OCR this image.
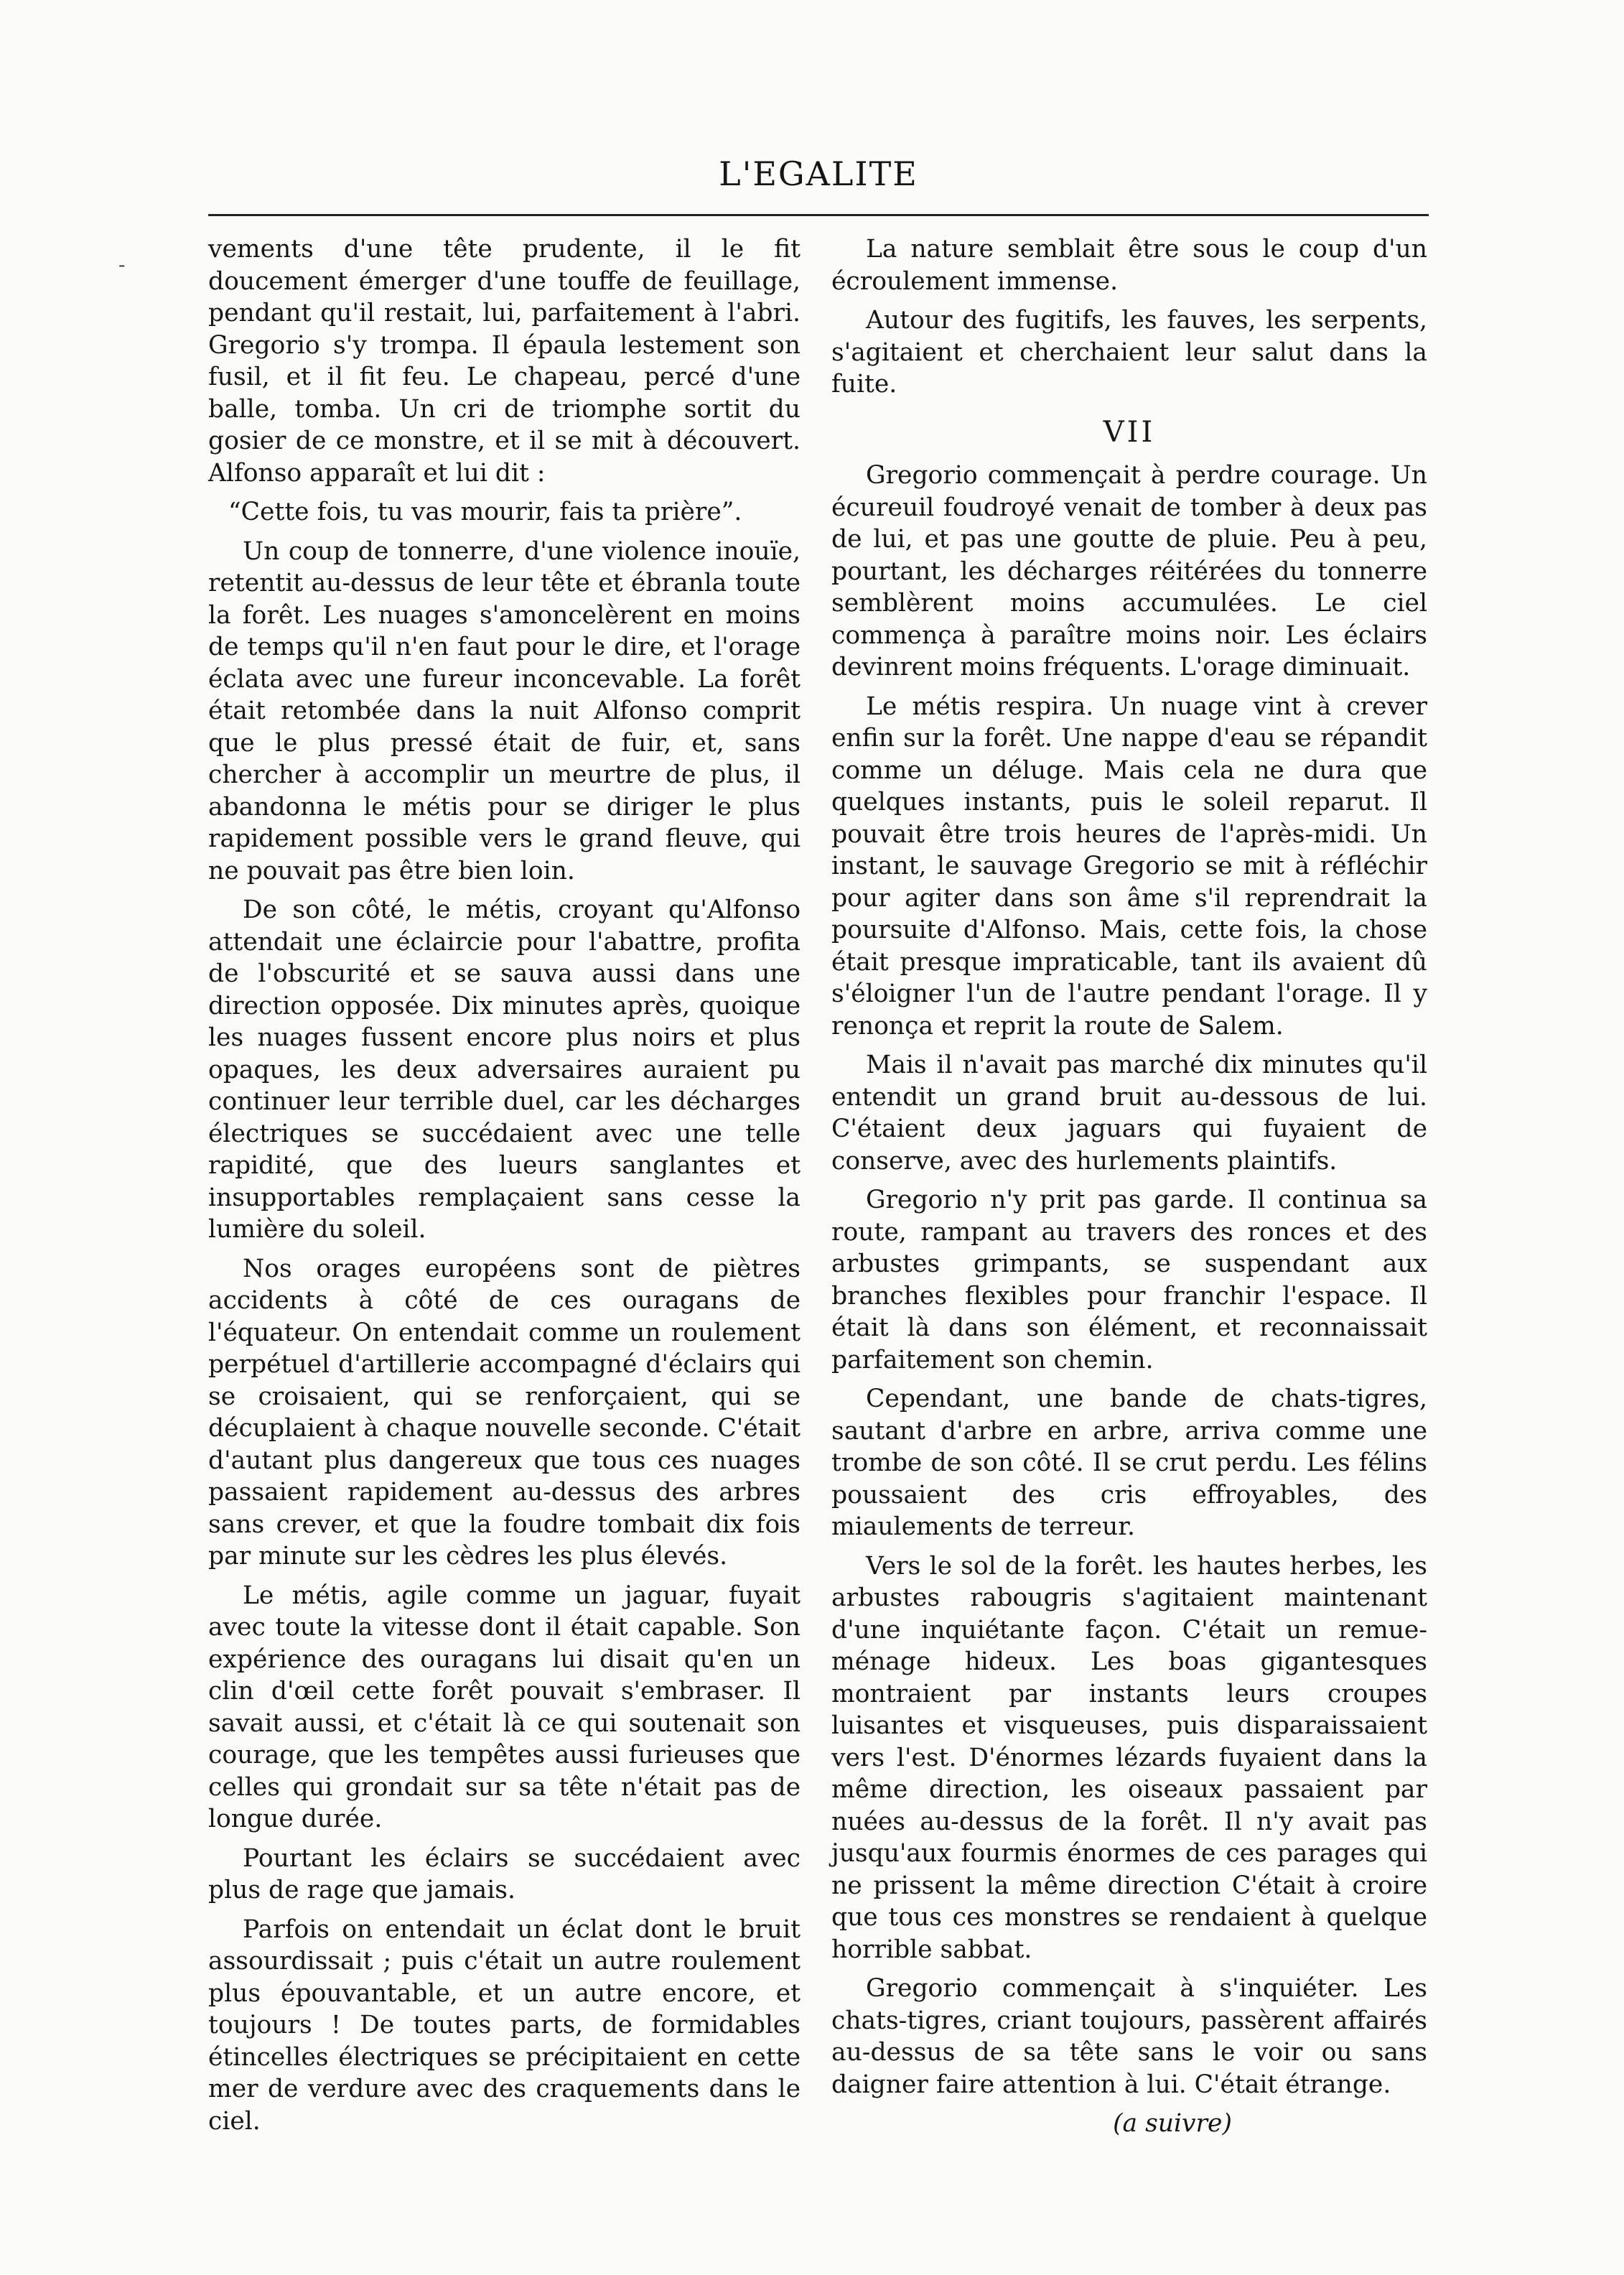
-
L'EGALITE

vements d'une tête prudente, il le fit doucement émerger d'une touffe de feuillage, pendant qu'il restait, lui, parfaitement à l'abri. Gregorio s'y trompa. Il épaula lestement son fusil, et il fit feu. Le chapeau, percé d'une balle, tomba. Un cri de triomphe sortit du gosier de ce monstre, et il se mit à découvert. Alfonso apparaît et lui dit :

“Cette fois, tu vas mourir, fais ta prière”.

Un coup de tonnerre, d'une violence inouïe, retentit au-dessus de leur tête et ébranla toute la forêt. Les nuages s'amoncelèrent en moins de temps qu'il n'en faut pour le dire, et l'orage éclata avec une fureur inconcevable. La forêt était retombée dans la nuit Alfonso comprit que le plus pressé était de fuir, et, sans chercher à accomplir un meurtre de plus, il abandonna le métis pour se diriger le plus rapidement possible vers le grand fleuve, qui ne pouvait pas être bien loin.

De son côté, le métis, croyant qu'Alfonso attendait une éclaircie pour l'abattre, profita de l'obscurité et se sauva aussi dans une direction opposée. Dix minutes après, quoique les nuages fussent encore plus noirs et plus opaques, les deux adversaires auraient pu continuer leur terrible duel, car les décharges électriques se succédaient avec une telle rapidité, que des lueurs sanglantes et insupportables remplaçaient sans cesse la lumière du soleil.

Nos orages européens sont de piètres accidents à côté de ces ouragans de l'équateur. On entendait comme un roulement perpétuel d'artillerie accompagné d'éclairs qui se croisaient, qui se renforçaient, qui se décuplaient à chaque nouvelle seconde. C'était d'autant plus dangereux que tous ces nuages passaient rapidement au-dessus des arbres sans crever, et que la foudre tombait dix fois par minute sur les cèdres les plus élevés.

Le métis, agile comme un jaguar, fuyait avec toute la vitesse dont il était capable. Son expérience des ouragans lui disait qu'en un clin d'œil cette forêt pouvait s'embraser. Il savait aussi, et c'était là ce qui soutenait son courage, que les tempêtes aussi furieuses que celles qui grondait sur sa tête n'était pas de longue durée.

Pourtant les éclairs se succédaient avec plus de rage que jamais.

Parfois on entendait un éclat dont le bruit assourdissait ; puis c'était un autre roulement plus épouvantable, et un autre encore, et toujours ! De toutes parts, de formidables étincelles électriques se précipitaient en cette mer de verdure avec des craquements dans le ciel.

La nature semblait être sous le coup d'un écroulement immense.

Autour des fugitifs, les fauves, les serpents, s'agitaient et cherchaient leur salut dans la fuite.

VII

Gregorio commençait à perdre courage. Un écureuil foudroyé venait de tomber à deux pas de lui, et pas une goutte de pluie. Peu à peu, pourtant, les décharges réitérées du tonnerre semblèrent moins accumulées. Le ciel commença à paraître moins noir. Les éclairs devinrent moins fréquents. L'orage diminuait.

Le métis respira. Un nuage vint à crever enfin sur la forêt. Une nappe d'eau se répandit comme un déluge. Mais cela ne dura que quelques instants, puis le soleil reparut. Il pouvait être trois heures de l'après-midi. Un instant, le sauvage Gregorio se mit à réfléchir pour agiter dans son âme s'il reprendrait la poursuite d'Alfonso. Mais, cette fois, la chose était presque impraticable, tant ils avaient dû s'éloigner l'un de l'autre pendant l'orage. Il y renonça et reprit la route de Salem.

Mais il n'avait pas marché dix minutes qu'il entendit un grand bruit au-dessous de lui. C'étaient deux jaguars qui fuyaient de conserve, avec des hurlements plaintifs.

Gregorio n'y prit pas garde. Il continua sa route, rampant au travers des ronces et des arbustes grimpants, se suspendant aux branches flexibles pour franchir l'espace. Il était là dans son élément, et reconnaissait parfaitement son chemin.

Cependant, une bande de chats-tigres, sautant d'arbre en arbre, arriva comme une trombe de son côté. Il se crut perdu. Les félins poussaient des cris effroyables, des miaulements de terreur.

Vers le sol de la forêt. les hautes herbes, les arbustes rabougris s'agitaient maintenant d'une inquiétante façon. C'était un remue-ménage hideux. Les boas gigantesques montraient par instants leurs croupes luisantes et visqueuses, puis disparaissaient vers l'est. D'énormes lézards fuyaient dans la même direction, les oiseaux passaient par nuées au-dessus de la forêt. Il n'y avait pas jusqu'aux fourmis énormes de ces parages qui ne prissent la même direction C'était à croire que tous ces monstres se rendaient à quelque horrible sabbat.

Gregorio commençait à s'inquiéter. Les chats-tigres, criant toujours, passèrent affairés au-dessus de sa tête sans le voir ou sans daigner faire attention à lui. C'était étrange.

(a suivre)
